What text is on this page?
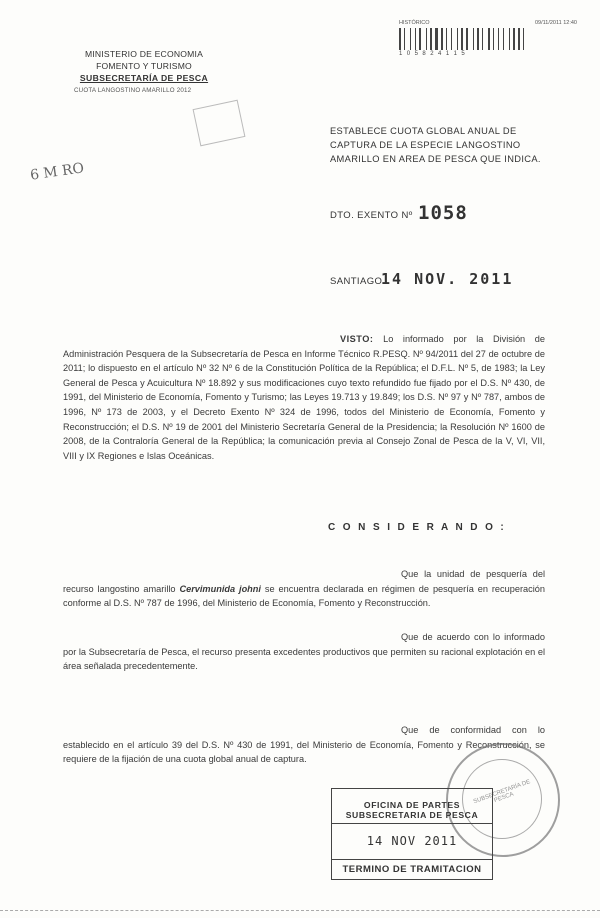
MINISTERIO DE ECONOMIA
FOMENTO Y TURISMO
SUBSECRETARÍA DE PESCA
CUOTA LANGOSTINO AMARILLO 2012
6 M RO
HISTÓRICO	09/11/2011 12:40
1 0 5 8 2 4 1 1 5
ESTABLECE CUOTA GLOBAL ANUAL DE CAPTURA DE LA ESPECIE LANGOSTINO AMARILLO EN AREA DE PESCA QUE INDICA.
DTO. EXENTO Nº 1058
SANTIAGO
14 NOV. 2011
VISTO: Lo informado por la División de Administración Pesquera de la Subsecretaría de Pesca en Informe Técnico R.PESQ. Nº 94/2011 del 27 de octubre de 2011; lo dispuesto en el artículo Nº 32 Nº 6 de la Constitución Política de la República; el D.F.L. Nº 5, de 1983; la Ley General de Pesca y Acuicultura Nº 18.892 y sus modificaciones cuyo texto refundido fue fijado por el D.S. Nº 430, de 1991, del Ministerio de Economía, Fomento y Turismo; las Leyes 19.713 y 19.849; los D.S. Nº 97 y Nº 787, ambos de 1996, Nº 173 de 2003, y el Decreto Exento Nº 324 de 1996, todos del Ministerio de Economía, Fomento y Reconstrucción; el D.S. Nº 19 de 2001 del Ministerio Secretaría General de la Presidencia; la Resolución Nº 1600 de 2008, de la Contraloría General de la República; la comunicación previa al Consejo Zonal de Pesca de la V, VI, VII, VIII y IX Regiones e Islas Oceánicas.
C O N S I D E R A N D O :
Que la unidad de pesquería del recurso langostino amarillo Cervimunida johni se encuentra declarada en régimen de pesquería en recuperación conforme al D.S. Nº 787 de 1996, del Ministerio de Economía, Fomento y Reconstrucción.
Que de acuerdo con lo informado por la Subsecretaría de Pesca, el recurso presenta excedentes productivos que permiten su racional explotación en el área señalada precedentemente.
Que de conformidad con lo establecido en el artículo 39 del D.S. Nº 430 de 1991, del Ministerio de Economía, Fomento y Reconstrucción, se requiere de la fijación de una cuota global anual de captura.
SUBSECRETARÍA DE PESCA
OFICINA DE PARTES
SUBSECRETARIA DE PESCA
14 NOV 2011
TERMINO DE TRAMITACION
